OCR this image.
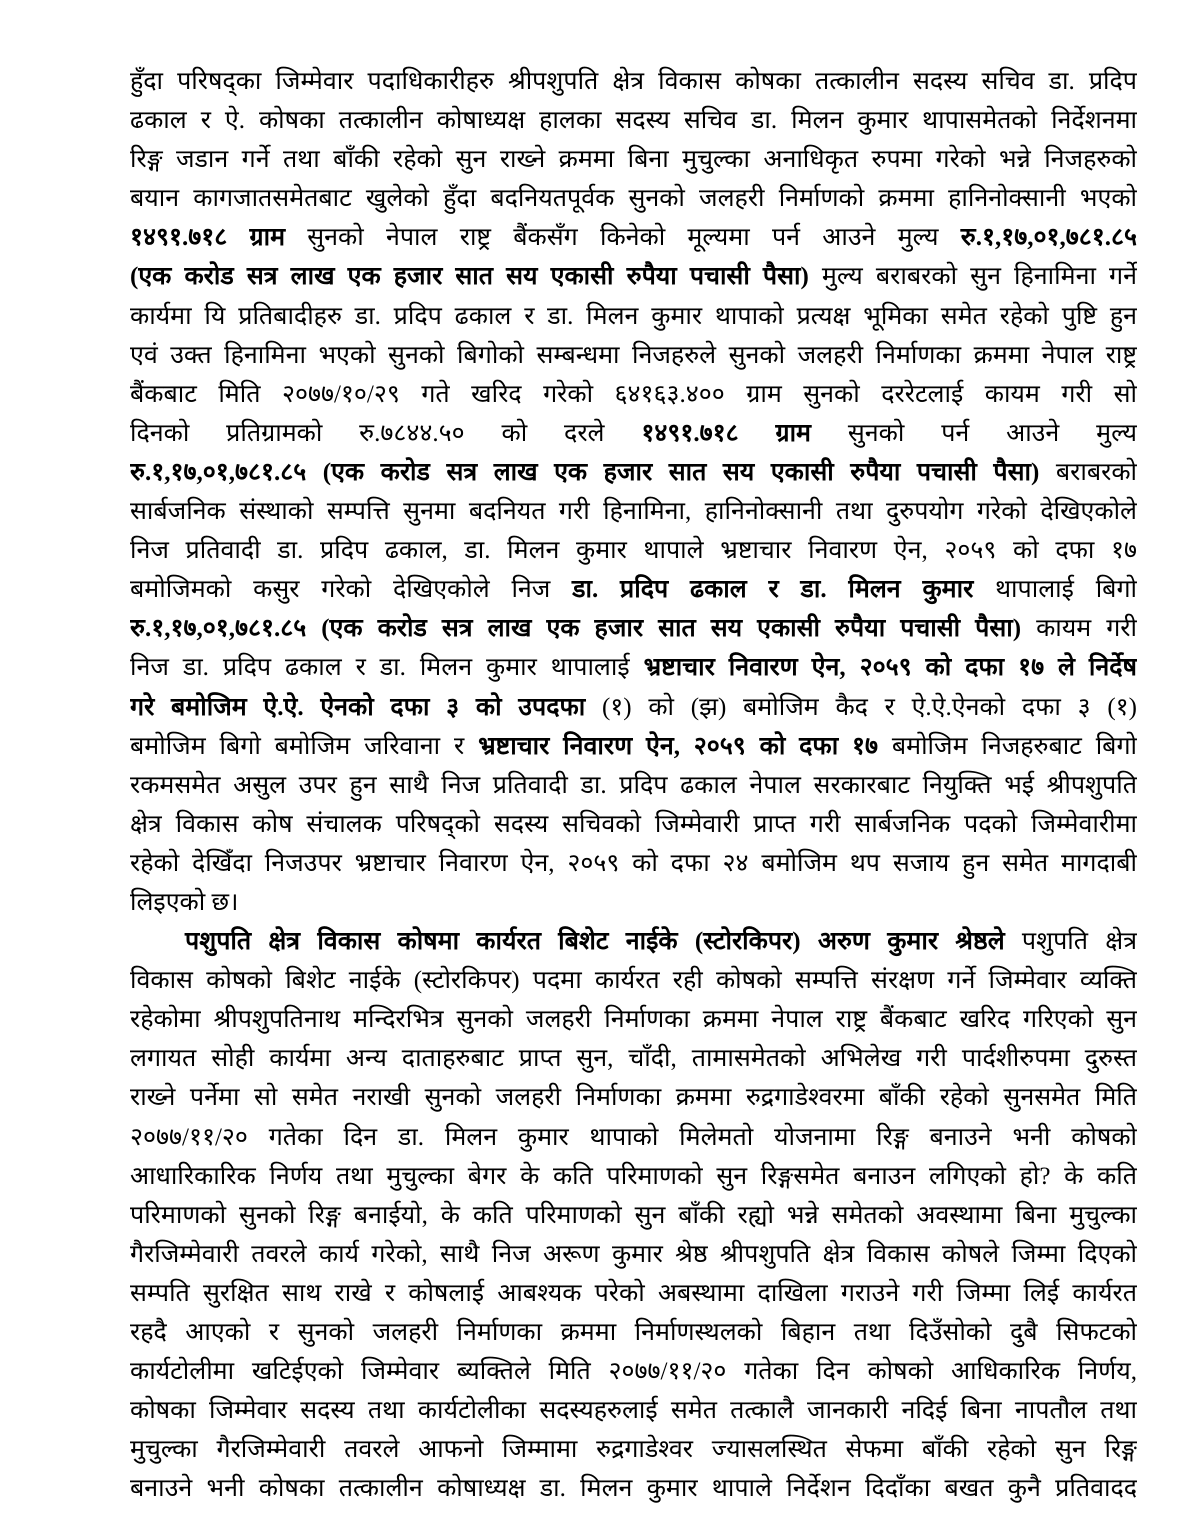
हुँदा परिषद्का जिम्मेवार पदाधिकारीहरु श्रीपशुपति क्षेत्र विकास कोषका तत्कालीन सदस्य सचिव डा. प्रदिप
ढकाल र ऐ. कोषका तत्कालीन कोषाध्यक्ष हालका सदस्य सचिव डा. मिलन कुमार थापासमेतको निर्देशनमा
रिङ्ग जडान गर्ने तथा बाँकी रहेको सुन राख्ने क्रममा बिना मुचुल्का अनाधिकृत रुपमा गरेको भन्ने निजहरुको
बयान कागजातसमेतबाट खुलेको हुँदा बदनियतपूर्वक सुनको जलहरी निर्माणको क्रममा हानिनोक्सानी भएको
१४९१.७१८ ग्राम सुनको नेपाल राष्ट्र बैंकसँग किनेको मूल्यमा पर्न आउने मुल्य रु.१,१७,०१,७८१.८५
(एक करोड सत्र लाख एक हजार सात सय एकासी रुपैया पचासी पैसा) मुल्य बराबरको सुन हिनामिना गर्ने
कार्यमा यि प्रतिबादीहरु डा. प्रदिप ढकाल र डा. मिलन कुमार थापाको प्रत्यक्ष भूमिका समेत रहेको पुष्टि हुन
एवं उक्त हिनामिना भएको सुनको बिगोको सम्बन्धमा निजहरुले सुनको जलहरी निर्माणका क्रममा नेपाल राष्ट्र
बैंकबाट मिति २०७७/१०/२९ गते खरिद गरेको ६४१६३.४०० ग्राम सुनको दररेटलाई कायम गरी सो
दिनको प्रतिग्रामको रु.७८४४.५० को दरले १४९१.७१८ ग्राम सुनको पर्न आउने मुल्य
रु.१,१७,०१,७८१.८५ (एक करोड सत्र लाख एक हजार सात सय एकासी रुपैया पचासी पैसा) बराबरको
सार्बजनिक संस्थाको सम्पत्ति सुनमा बदनियत गरी हिनामिना, हानिनोक्सानी तथा दुरुपयोग गरेको देखिएकोले
निज प्रतिवादी डा. प्रदिप ढकाल, डा. मिलन कुमार थापाले भ्रष्टाचार निवारण ऐन, २०५९ को दफा १७
बमोजिमको कसुर गरेको देखिएकोले निज डा. प्रदिप ढकाल र डा. मिलन कुमार थापालाई बिगो
रु.१,१७,०१,७८१.८५ (एक करोड सत्र लाख एक हजार सात सय एकासी रुपैया पचासी पैसा) कायम गरी
निज डा. प्रदिप ढकाल र डा. मिलन कुमार थापालाई भ्रष्टाचार निवारण ऐन, २०५९ को दफा १७ ले निर्देष
गरे बमोजिम ऐ.ऐ. ऐनको दफा ३ को उपदफा (१) को (झ) बमोजिम कैद र ऐ.ऐ.ऐनको दफा ३ (१)
बमोजिम बिगो बमोजिम जरिवाना र भ्रष्टाचार निवारण ऐन, २०५९ को दफा १७ बमोजिम निजहरुबाट बिगो
रकमसमेत असुल उपर हुन साथै निज प्रतिवादी डा. प्रदिप ढकाल नेपाल सरकारबाट नियुक्ति भई श्रीपशुपति
क्षेत्र विकास कोष संचालक परिषद्को सदस्य सचिवको जिम्मेवारी प्राप्त गरी सार्बजनिक पदको जिम्मेवारीमा
रहेको देखिँदा निजउपर भ्रष्टाचार निवारण ऐन, २०५९ को दफा २४ बमोजिम थप सजाय हुन समेत मागदाबी
लिइएको छ।
पशुपति क्षेत्र विकास कोषमा कार्यरत बिशेट नाईके (स्टोरकिपर) अरुण कुमार श्रेष्ठले पशुपति क्षेत्र
विकास कोषको बिशेट नाईके (स्टोरकिपर) पदमा कार्यरत रही कोषको सम्पत्ति संरक्षण गर्ने जिम्मेवार व्यक्ति
रहेकोमा श्रीपशुपतिनाथ मन्दिरभित्र सुनको जलहरी निर्माणका क्रममा नेपाल राष्ट्र बैंकबाट खरिद गरिएको सुन
लगायत सोही कार्यमा अन्य दाताहरुबाट प्राप्त सुन, चाँदी, तामासमेतको अभिलेख गरी पार्दशीरुपमा दुरुस्त
राख्ने पर्नेमा सो समेत नराखी सुनको जलहरी निर्माणका क्रममा रुद्रगाडेश्वरमा बाँकी रहेको सुनसमेत मिति
२०७७/११/२० गतेका दिन डा. मिलन कुमार थापाको मिलेमतो योजनामा रिङ्ग बनाउने भनी कोषको
आधारिकारिक निर्णय तथा मुचुल्का बेगर के कति परिमाणको सुन रिङ्गसमेत बनाउन लगिएको हो? के कति
परिमाणको सुनको रिङ्ग बनाईयो, के कति परिमाणको सुन बाँकी रह्यो भन्ने समेतको अवस्थामा बिना मुचुल्का
गैरजिम्मेवारी तवरले कार्य गरेको, साथै निज अरूण कुमार श्रेष्ठ श्रीपशुपति क्षेत्र विकास कोषले जिम्मा दिएको
सम्पति सुरक्षित साथ राखे र कोषलाई आबश्यक परेको अबस्थामा दाखिला गराउने गरी जिम्मा लिई कार्यरत
रहदै आएको र सुनको जलहरी निर्माणका क्रममा निर्माणस्थलको बिहान तथा दिउँसोको दुबै सिफटको
कार्यटोलीमा खटिईएको जिम्मेवार ब्यक्तिले मिति २०७७/११/२० गतेका दिन कोषको आधिकारिक निर्णय,
कोषका जिम्मेवार सदस्य तथा कार्यटोलीका सदस्यहरुलाई समेत तत्कालै जानकारी नदिई बिना नापतौल तथा
मुचुल्का गैरजिम्मेवारी तवरले आफनो जिम्मामा रुद्रगाडेश्वर ज्यासलस्थित सेफमा बाँकी रहेको सुन रिङ्ग
बनाउने भनी कोषका तत्कालीन कोषाध्यक्ष डा. मिलन कुमार थापाले निर्देशन दिदाँका बखत कुनै प्रतिवादद
